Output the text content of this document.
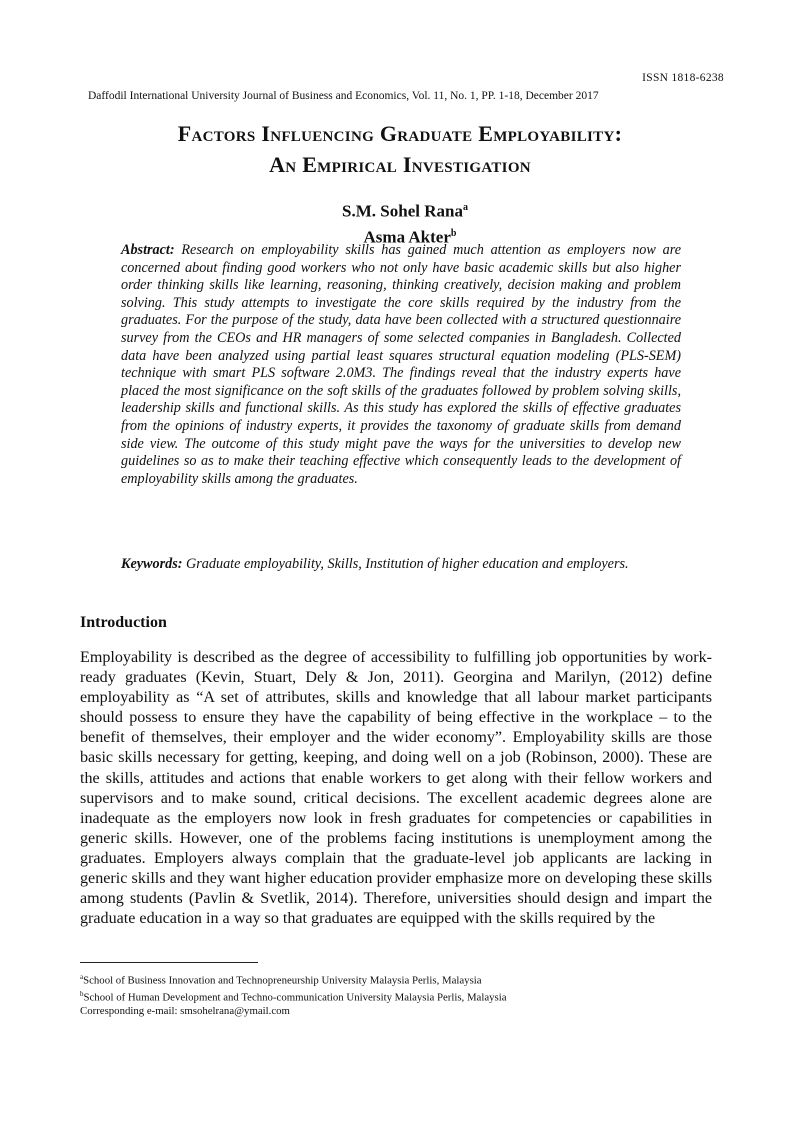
ISSN 1818-6238
Daffodil International University Journal of Business and Economics, Vol. 11, No. 1, PP. 1-18, December 2017
Factors Influencing Graduate Employability:
An Empirical Investigation
S.M. Sohel Rana$^a$
Asma Akter$^b$
Abstract: Research on employability skills has gained much attention as employers now are concerned about finding good workers who not only have basic academic skills but also higher order thinking skills like learning, reasoning, thinking creatively, decision making and problem solving. This study attempts to investigate the core skills required by the industry from the graduates. For the purpose of the study, data have been collected with a structured questionnaire survey from the CEOs and HR managers of some selected companies in Bangladesh. Collected data have been analyzed using partial least squares structural equation modeling (PLS-SEM) technique with smart PLS software 2.0M3. The findings reveal that the industry experts have placed the most significance on the soft skills of the graduates followed by problem solving skills, leadership skills and functional skills. As this study has explored the skills of effective graduates from the opinions of industry experts, it provides the taxonomy of graduate skills from demand side view. The outcome of this study might pave the ways for the universities to develop new guidelines so as to make their teaching effective which consequently leads to the development of employability skills among the graduates.
Keywords: Graduate employability, Skills, Institution of higher education and employers.
Introduction
Employability is described as the degree of accessibility to fulfilling job opportunities by work-ready graduates (Kevin, Stuart, Dely & Jon, 2011). Georgina and Marilyn, (2012) define employability as “A set of attributes, skills and knowledge that all labour market participants should possess to ensure they have the capability of being effective in the workplace – to the benefit of themselves, their employer and the wider economy”. Employability skills are those basic skills necessary for getting, keeping, and doing well on a job (Robinson, 2000). These are the skills, attitudes and actions that enable workers to get along with their fellow workers and supervisors and to make sound, critical decisions. The excellent academic degrees alone are inadequate as the employers now look in fresh graduates for competencies or capabilities in generic skills. However, one of the problems facing institutions is unemployment among the graduates. Employers always complain that the graduate-level job applicants are lacking in generic skills and they want higher education provider emphasize more on developing these skills among students (Pavlin & Svetlik, 2014). Therefore, universities should design and impart the graduate education in a way so that graduates are equipped with the skills required by the
$^a$School of Business Innovation and Technopreneurship University Malaysia Perlis, Malaysia
$^b$School of Human Development and Techno-communication University Malaysia Perlis, Malaysia
Corresponding e-mail: smsohelrana@ymail.com
